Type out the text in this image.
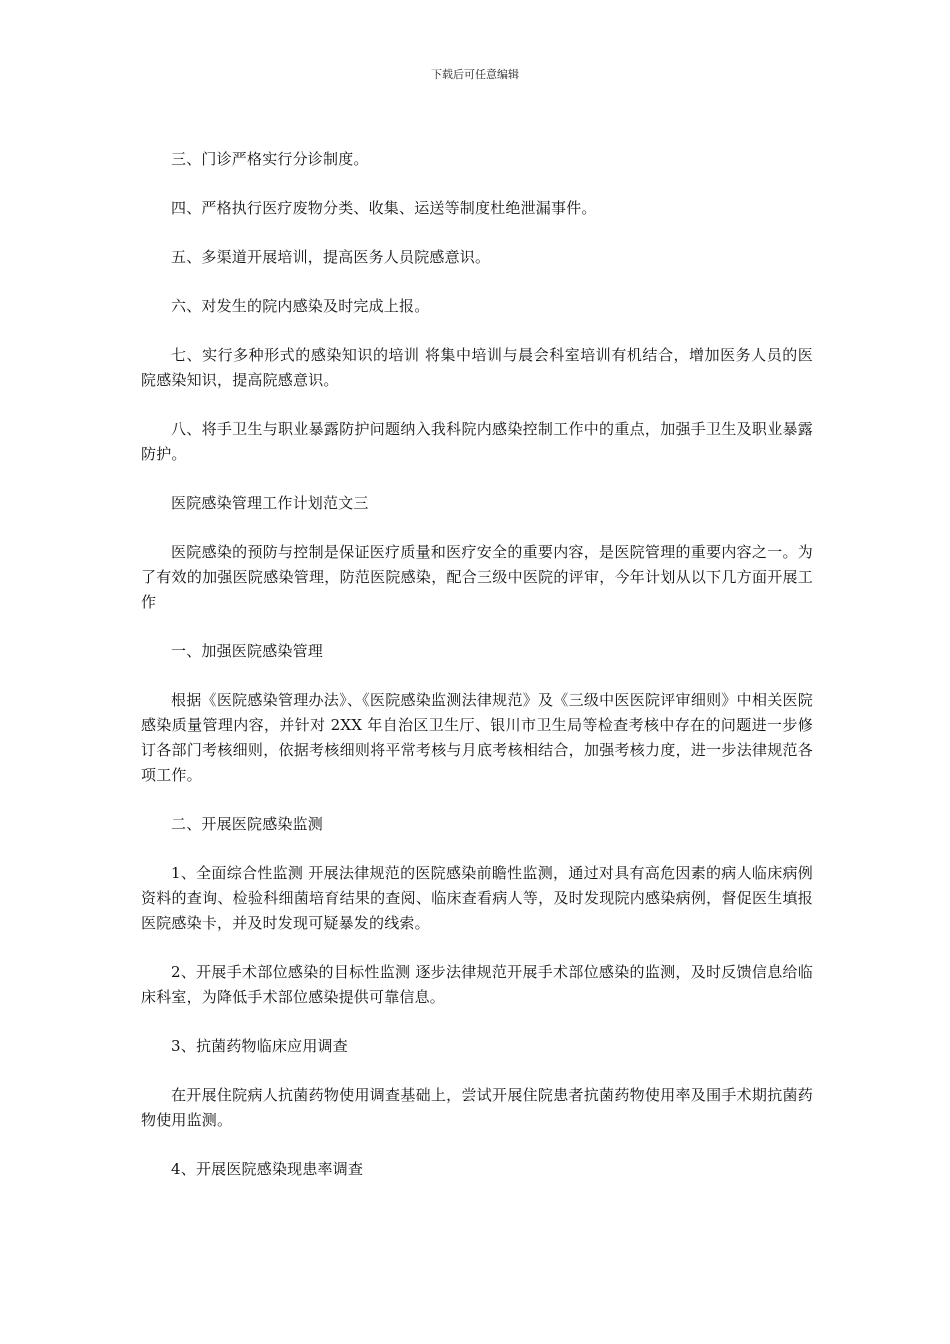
下载后可任意编辑

三、门诊严格实行分诊制度。

四、严格执行医疗废物分类、收集、运送等制度杜绝泄漏事件。

五、多渠道开展培训，提高医务人员院感意识。

六、对发生的院内感染及时完成上报。

七、实行多种形式的感染知识的培训 将集中培训与晨会科室培训有机结合，增加医务人员的医院感染知识，提高院感意识。

八、将手卫生与职业暴露防护问题纳入我科院内感染控制工作中的重点，加强手卫生及职业暴露防护。

医院感染管理工作计划范文三

医院感染的预防与控制是保证医疗质量和医疗安全的重要内容，是医院管理的重要内容之一。为了有效的加强医院感染管理，防范医院感染，配合三级中医院的评审，今年计划从以下几方面开展工作

一、加强医院感染管理

根据《医院感染管理办法》、《医院感染监测法律规范》及《三级中医医院评审细则》中相关医院感染质量管理内容，并针对 2XX 年自治区卫生厅、银川市卫生局等检查考核中存在的问题进一步修订各部门考核细则，依据考核细则将平常考核与月底考核相结合，加强考核力度，进一步法律规范各项工作。

二、开展医院感染监测

1、全面综合性监测 开展法律规范的医院感染前瞻性监测，通过对具有高危因素的病人临床病例资料的查询、检验科细菌培育结果的查阅、临床查看病人等，及时发现院内感染病例，督促医生填报医院感染卡，并及时发现可疑暴发的线索。

2、开展手术部位感染的目标性监测 逐步法律规范开展手术部位感染的监测，及时反馈信息给临床科室，为降低手术部位感染提供可靠信息。

3、抗菌药物临床应用调查

在开展住院病人抗菌药物使用调查基础上，尝试开展住院患者抗菌药物使用率及围手术期抗菌药物使用监测。

4、开展医院感染现患率调查
